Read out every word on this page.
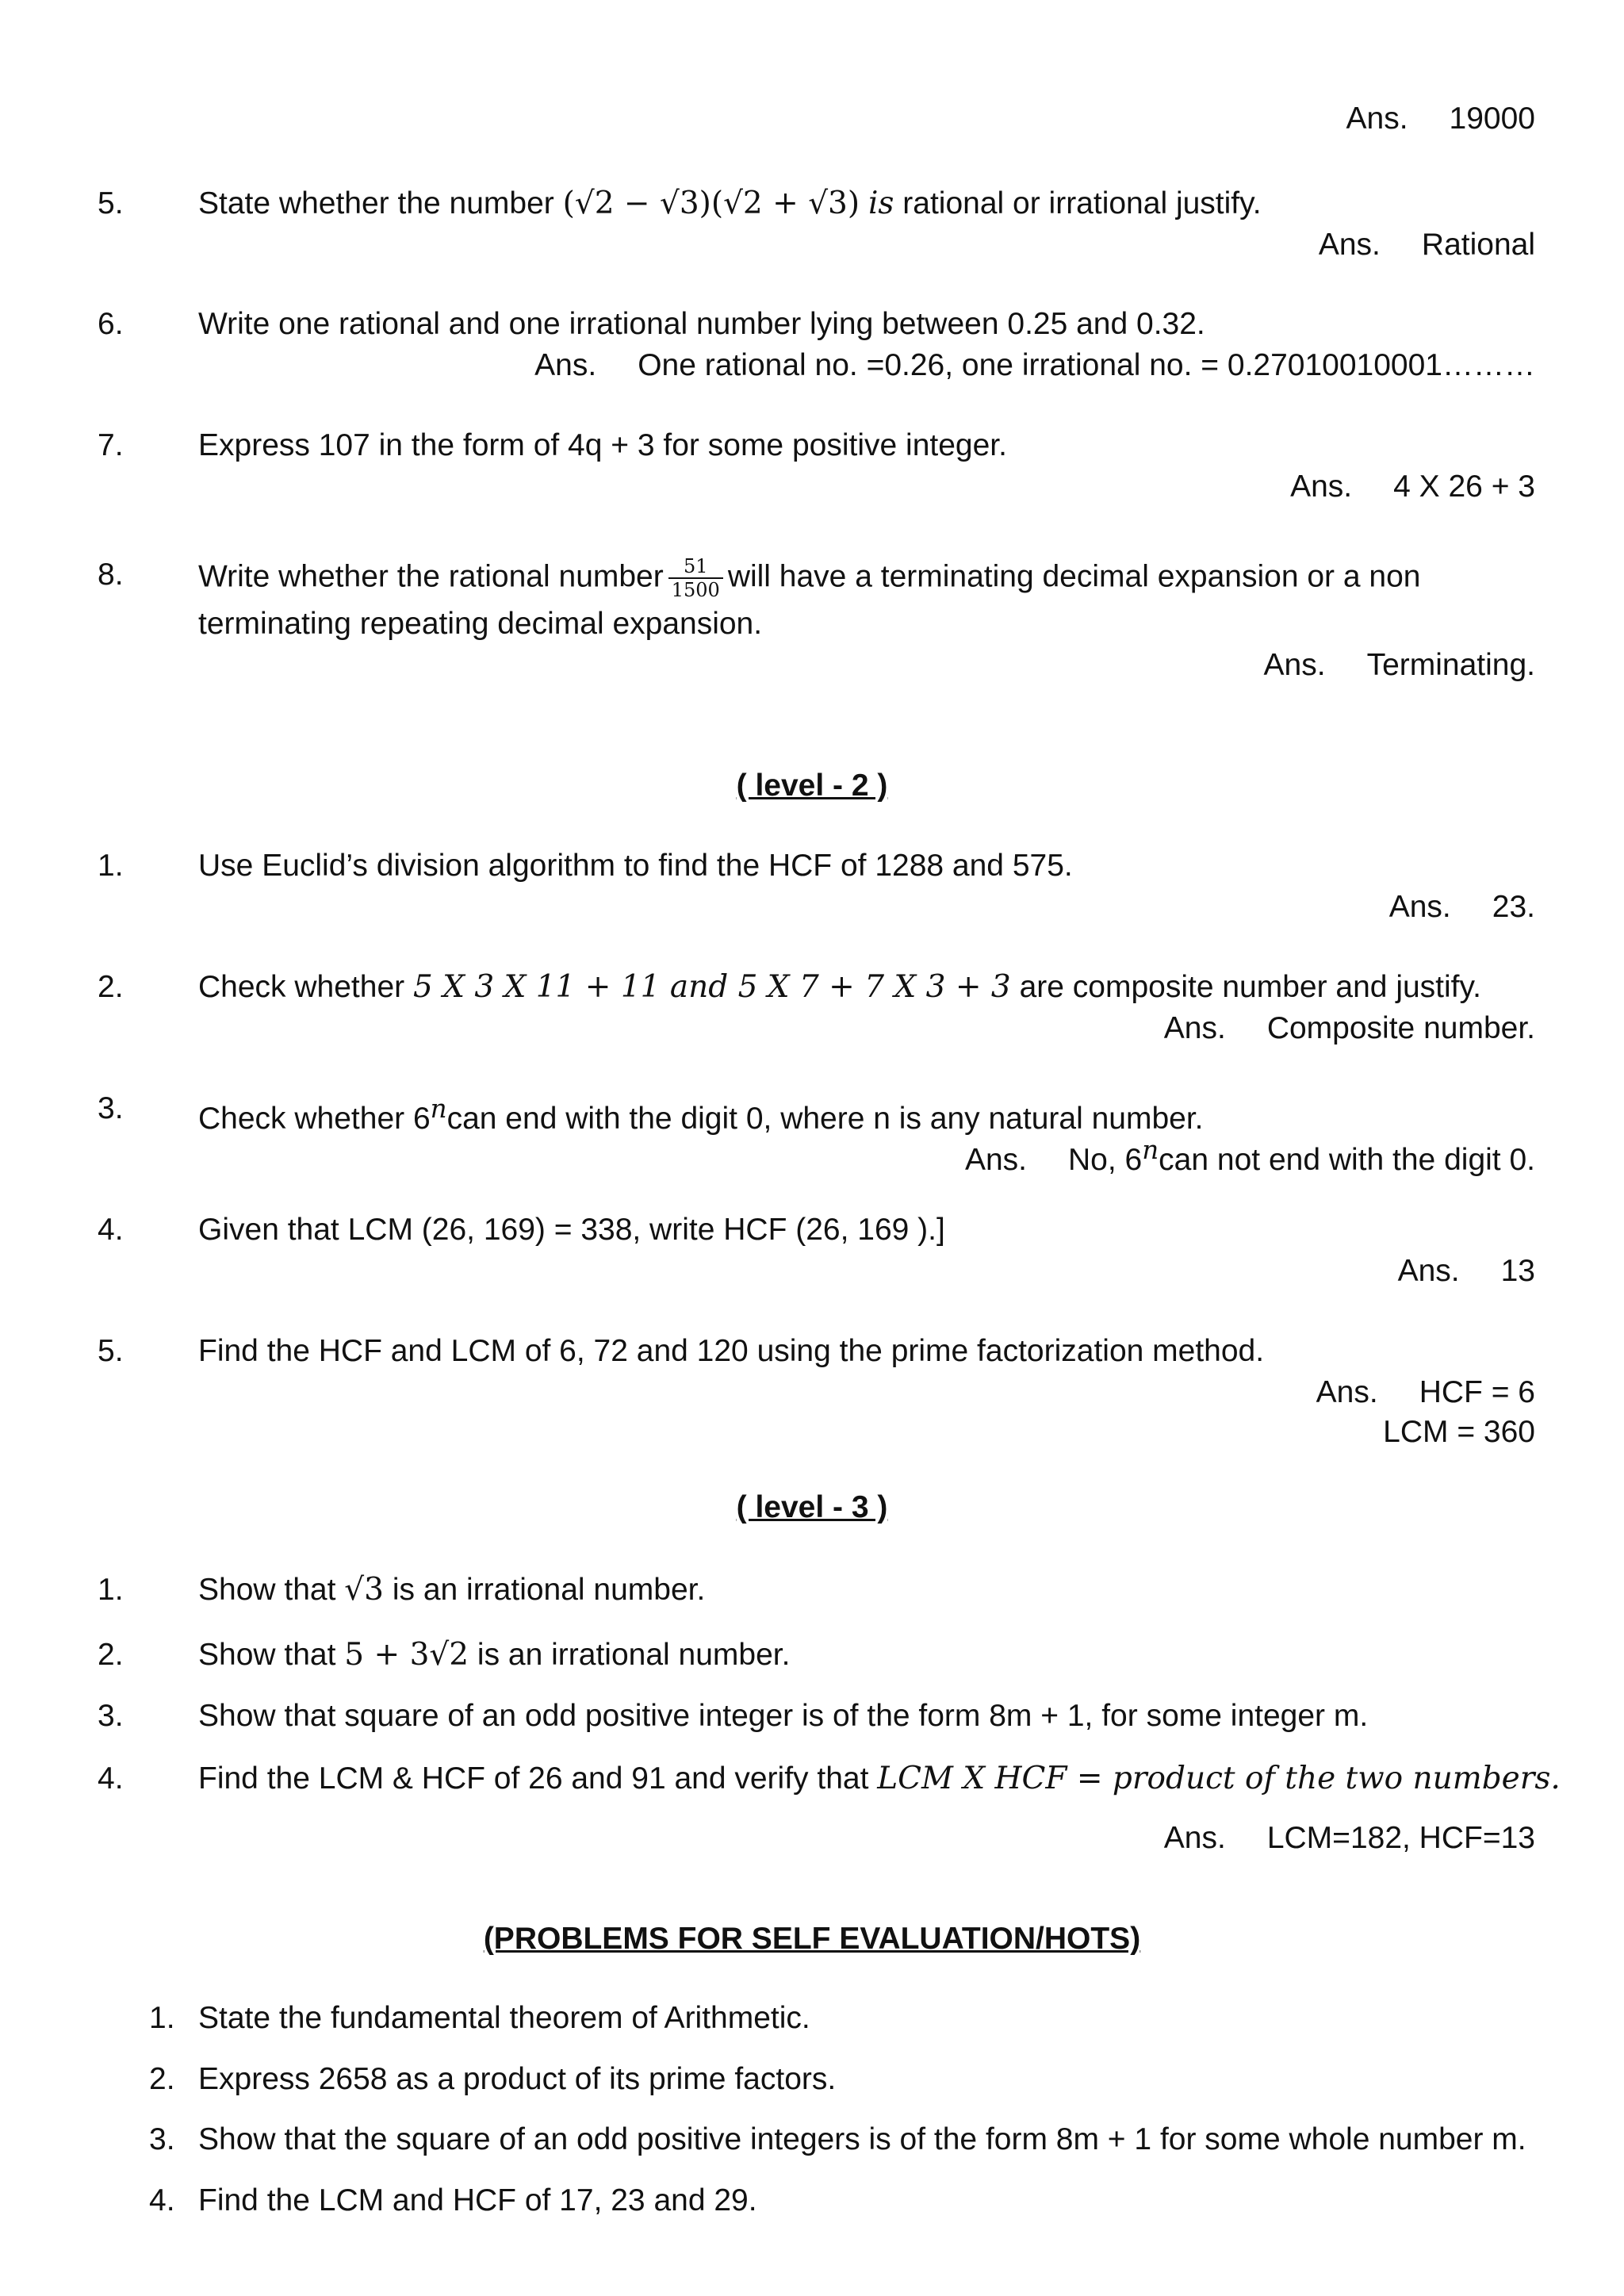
Ans. 19000
5. State whether the number (√2 − √3)(√2 + √3) is rational or irrational justify.
Ans. Rational
6. Write one rational and one irrational number lying between 0.25 and 0.32.
Ans. One rational no. =0.26, one irrational no. = 0.27010010001………
7. Express 107 in the form of 4q + 3 for some positive integer.
Ans. 4 X 26 + 3
8. Write whether the rational number $\frac{51}{1500}$ will have a terminating decimal expansion or a non
terminating repeating decimal expansion.
Ans. Terminating.
( level - 2 )
1. Use Euclid’s division algorithm to find the HCF of 1288 and 575.
Ans. 23.
2. Check whether 5 X 3 X 11 + 11 and 5 X 7 + 7 X 3 + 3 are composite number and justify.
Ans. Composite number.
3. Check whether 6$^n$can end with the digit 0, where n is any natural number.
Ans. No, 6$^n$can not end with the digit 0.
4. Given that LCM (26, 169) = 338, write HCF (26, 169 ).]
Ans. 13
5. Find the HCF and LCM of 6, 72 and 120 using the prime factorization method.
Ans. HCF = 6
LCM = 360
( level - 3 )
1. Show that √3 is an irrational number.
2. Show that 5 + 3√2 is an irrational number.
3. Show that square of an odd positive integer is of the form 8m + 1, for some integer m.
4. Find the LCM & HCF of 26 and 91 and verify that LCM X HCF = product of the two numbers.
Ans. LCM=182, HCF=13
(PROBLEMS FOR SELF EVALUATION/HOTS)
1. State the fundamental theorem of Arithmetic.
2. Express 2658 as a product of its prime factors.
3. Show that the square of an odd positive integers is of the form 8m + 1 for some whole number m.
4. Find the LCM and HCF of 17, 23 and 29.
